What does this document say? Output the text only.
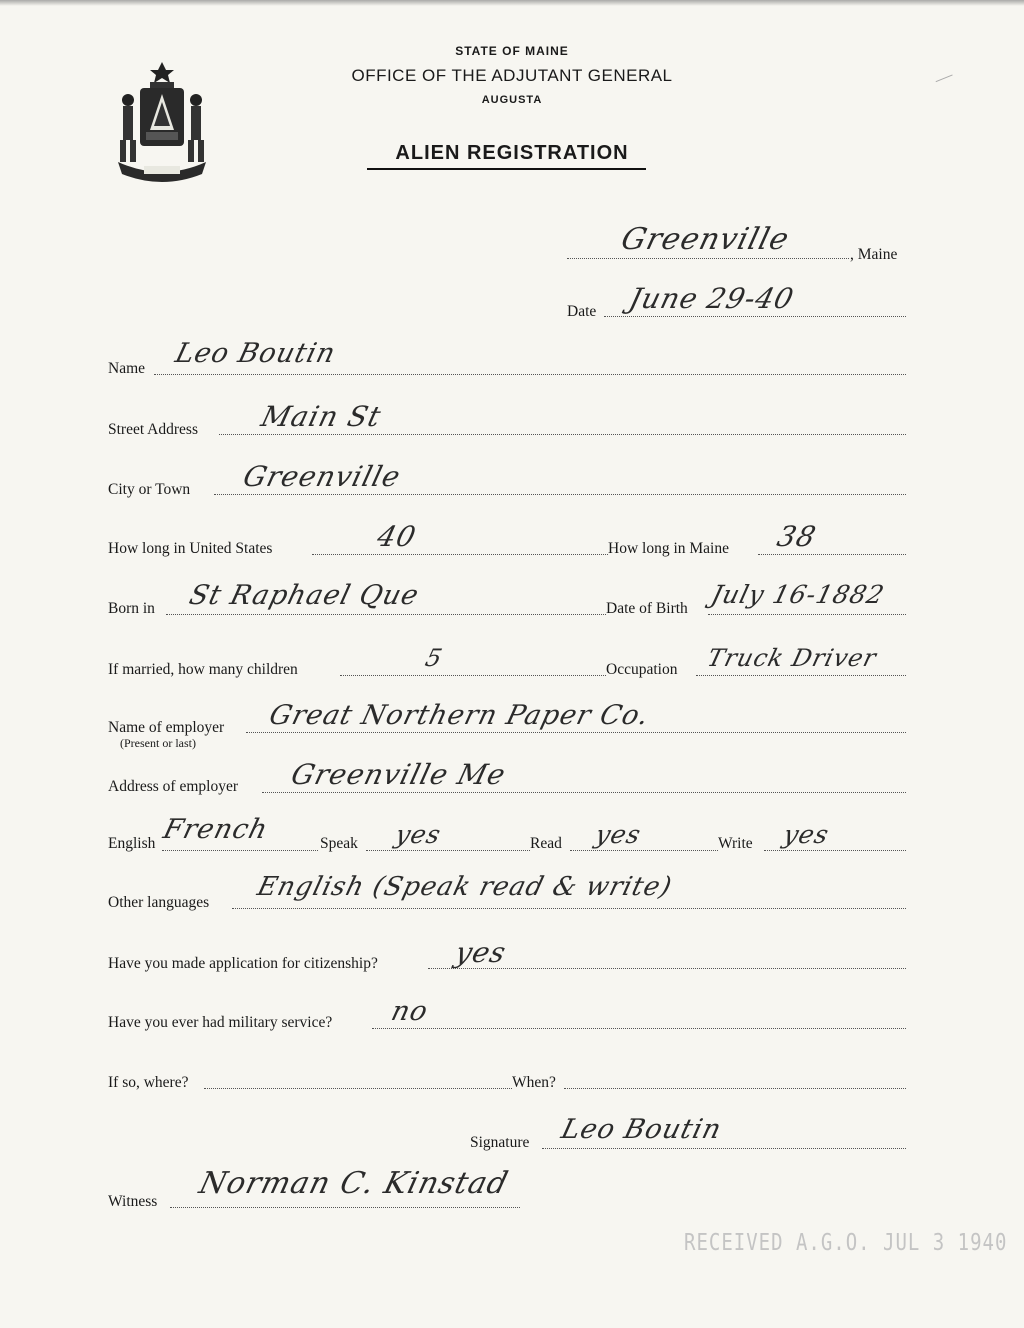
STATE OF MAINE
OFFICE OF THE ADJUTANT GENERAL
AUGUSTA
ALIEN REGISTRATION
Greenville	, Maine
Date June 29-40
Name Leo Boutin
Street Address Main St
City or Town Greenville
How long in United States	40	How long in Maine 38
Born in St Raphael Que	Date of Birth July 16-1882
If married, how many children	5	Occupation Truck Driver
Name of employer
(Present or last)
Great Northern Paper Co.
Address of employer Greenville Me
English French	Speak yes	Read yes	Write yes
Other languages
English (Speak read & write)
Have you made application for citizenship?	yes
Have you ever had military service? no
If so, where?	When?
Signature Leo Boutin
Witness
Norman C. Kinstad
RECEIVED A.G.O. JUL 3 1940
